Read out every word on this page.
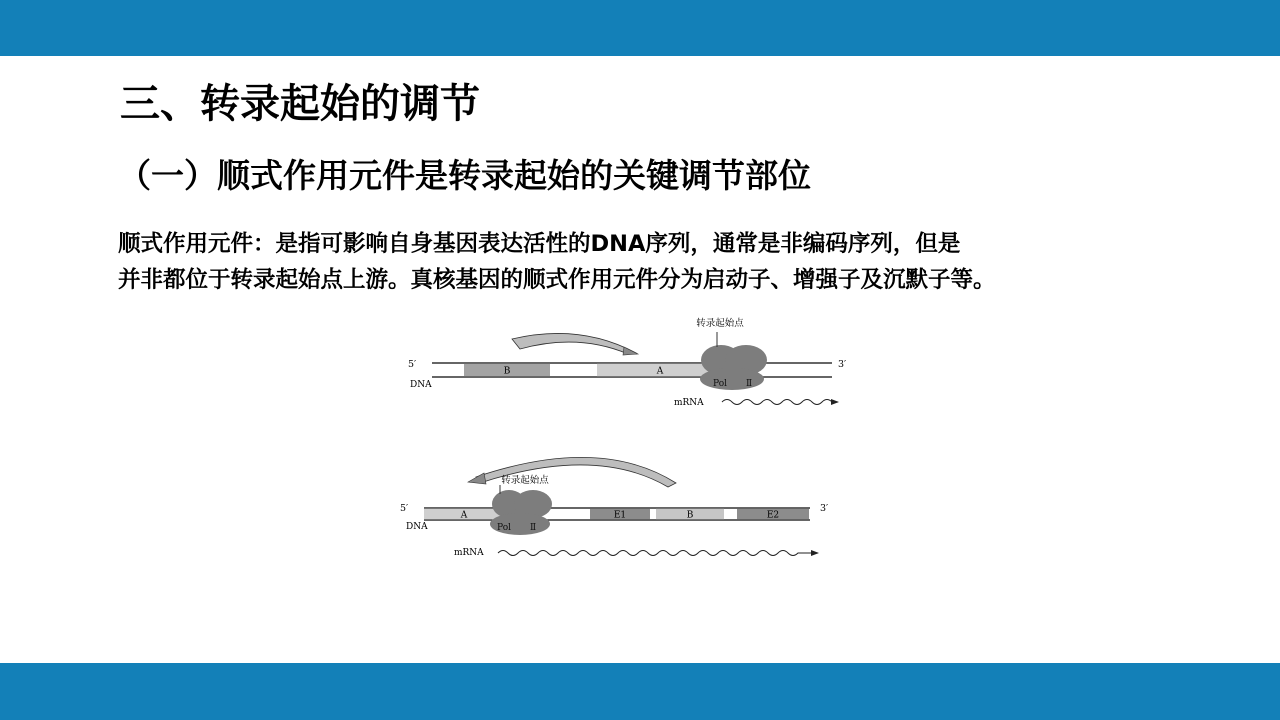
三、转录起始的调节
（一）顺式作用元件是转录起始的关键调节部位
顺式作用元件：是指可影响自身基因表达活性的DNA序列，通常是非编码序列，但是
并非都位于转录起始点上游。真核基因的顺式作用元件分为启动子、增强子及沉默子等。
转录起始点
5′	3′
DNA
B	A
Pol Ⅱ
mRNA
转录起始点
5′	3′
DNA
A	E1	B	E2
Pol Ⅱ
mRNA
